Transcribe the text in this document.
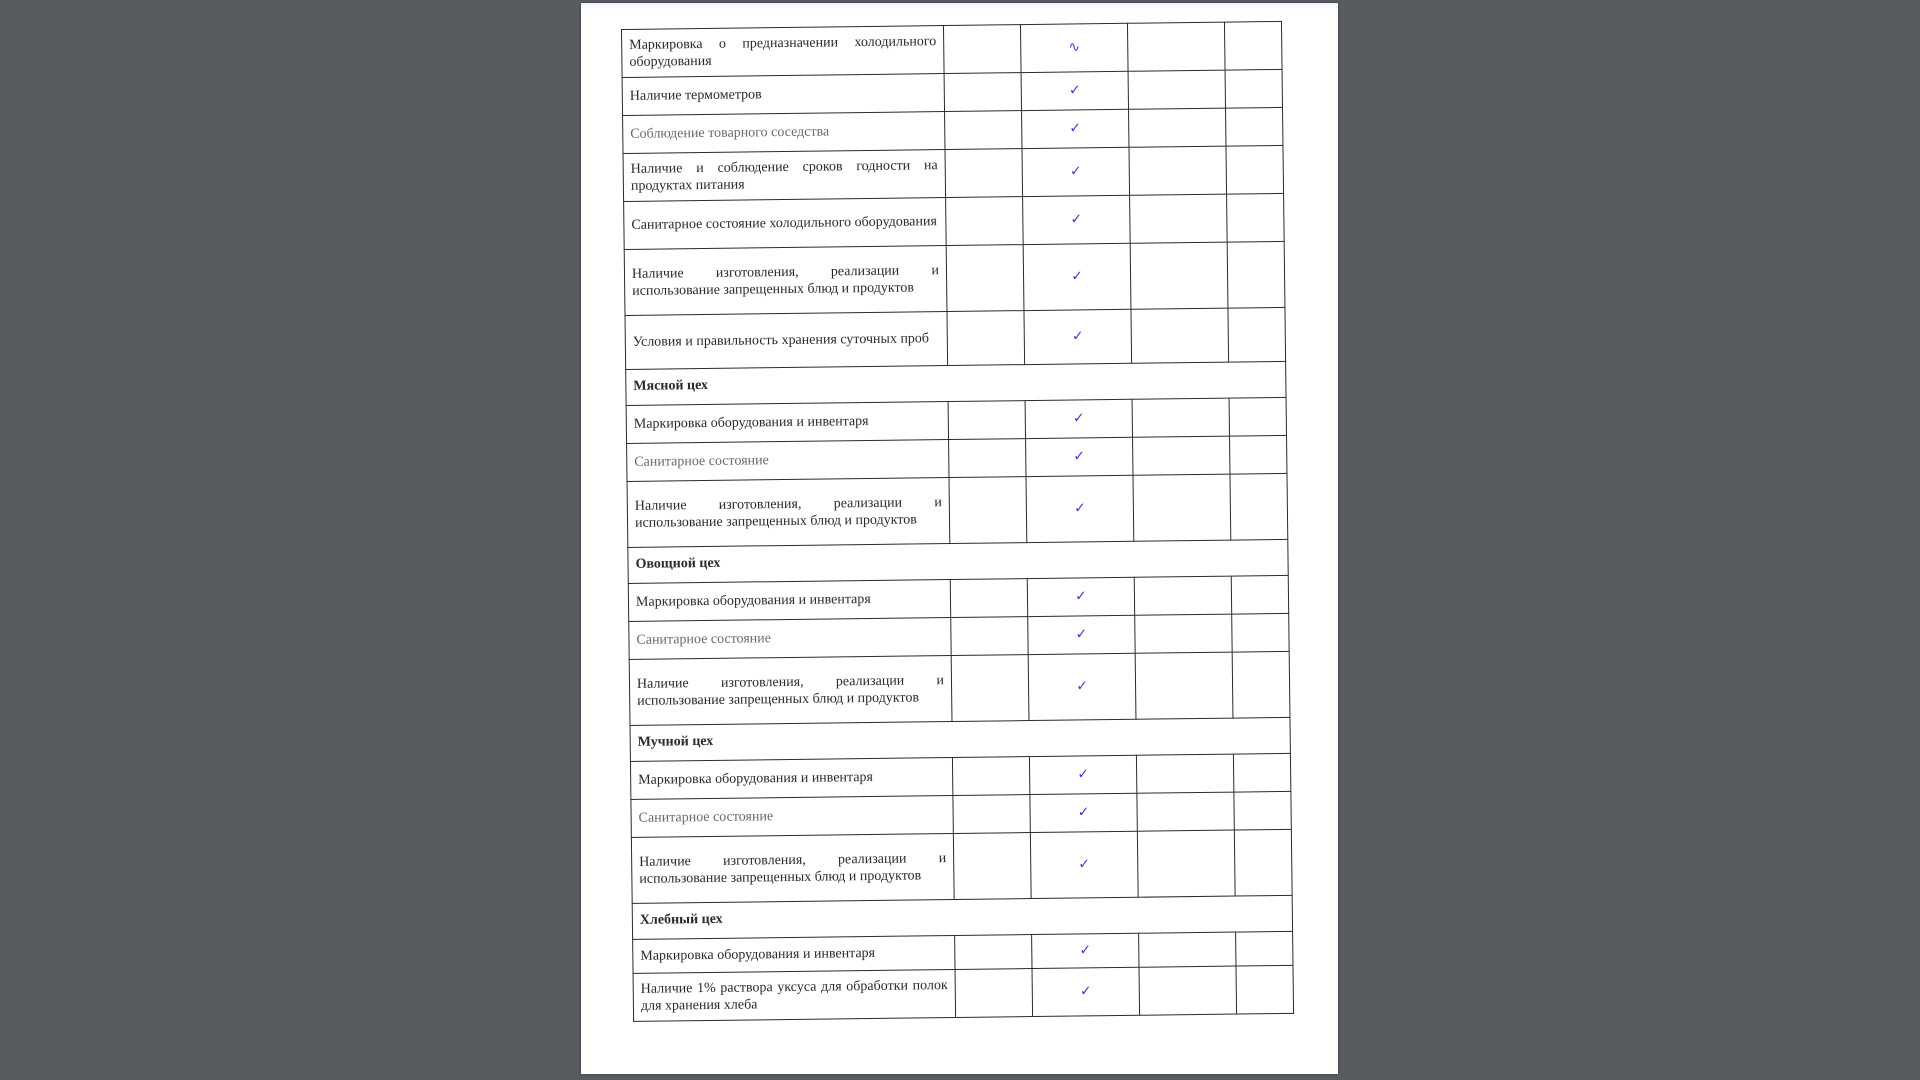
Маркировка о предназначении холодильного оборудования		∿		

Наличие термометров		✓		

Соблюдение товарного соседства		✓		

Наличие и соблюдение сроков годности на продуктах питания		✓		

Санитарное состояние холодильного оборудования		✓		

Наличие изготовления, реализации и использование запрещенных блюд и продуктов		✓		

Условия и правильность хранения суточных проб		✓		
Мясной цех				

Маркировка оборудования и инвентаря		✓		

Санитарное состояние		✓		

Наличие изготовления, реализации и использование запрещенных блюд и продуктов		✓		
Овощной цех				

Маркировка оборудования и инвентаря		✓		

Санитарное состояние		✓		

Наличие изготовления, реализации и использование запрещенных блюд и продуктов		✓		
Мучной цех				

Маркировка оборудования и инвентаря		✓		

Санитарное состояние		✓		

Наличие изготовления, реализации и использование запрещенных блюд и продуктов		✓		
Хлебный цех				

Маркировка оборудования и инвентаря		✓		

Наличие 1% раствора уксуса для обработки полок для хранения хлеба		✓		
